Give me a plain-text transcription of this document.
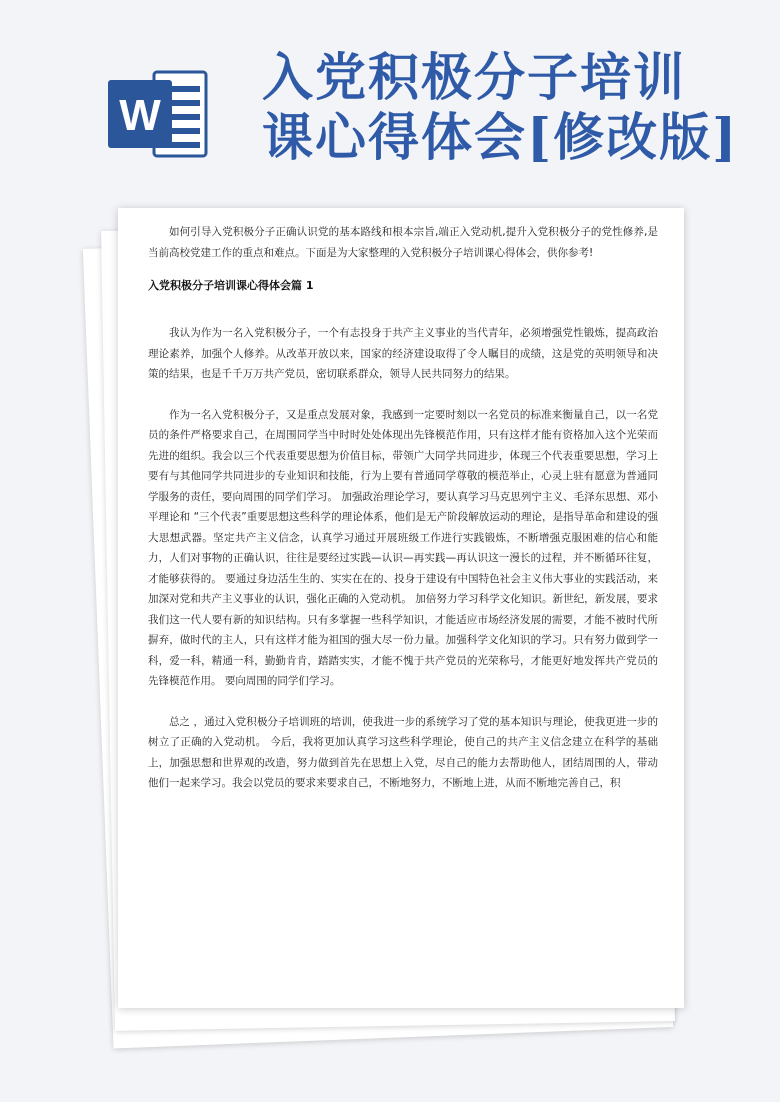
W
入党积极分子培训
课心得体会[修改版]

如何引导入党积极分子正确认识党的基本路线和根本宗旨,端正入党动机,提升入党积极分子的党性修养,是当前高校党建工作的重点和难点。下面是为大家整理的入党积极分子培训课心得体会，供你参考!

入党积极分子培训课心得体会篇 1

我认为作为一名入党积极分子，一个有志投身于共产主义事业的当代青年，必须增强党性锻炼，提高政治理论素养，加强个人修养。从改革开放以来，国家的经济建设取得了令人瞩目的成绩，这是党的英明领导和决策的结果，也是千千万万共产党员，密切联系群众，领导人民共同努力的结果。

作为一名入党积极分子，又是重点发展对象，我感到一定要时刻以一名党员的标准来衡量自己，以一名党员的条件严格要求自己，在周围同学当中时时处处体现出先锋模范作用，只有这样才能有资格加入这个光荣而先进的组织。我会以三个代表重要思想为价值目标，带领广大同学共同进步，体现三个代表重要思想，学习上要有与其他同学共同进步的专业知识和技能，行为上要有普通同学尊敬的模范举止，心灵上驻有愿意为普通同学服务的责任，要向周围的同学们学习。 加强政治理论学习，要认真学习马克思列宁主义、毛泽东思想、邓小平理论和 “三个代表”重要思想这些科学的理论体系，他们是无产阶段解放运动的理论，是指导革命和建设的强大思想武器。坚定共产主义信念，认真学习通过开展班级工作进行实践锻炼，不断增强克服困难的信心和能力，人们对事物的正确认识，往往是要经过实践—认识—再实践—再认识这一漫长的过程，并不断循环往复，才能够获得的。 要通过身边活生生的、实实在在的、投身于建设有中国特色社会主义伟大事业的实践活动，来加深对党和共产主义事业的认识，强化正确的入党动机。 加倍努力学习科学文化知识。新世纪，新发展，要求我们这一代人要有新的知识结构。只有多掌握一些科学知识，才能适应市场经济发展的需要，才能不被时代所摒弃，做时代的主人，只有这样才能为祖国的强大尽一份力量。加强科学文化知识的学习。只有努力做到学一科，爱一科，精通一科，勤勤肯肯，踏踏实实，才能不愧于共产党员的光荣称号，才能更好地发挥共产党员的先锋模范作用。 要向周围的同学们学习。

总之 ，通过入党积极分子培训班的培训，使我进一步的系统学习了党的基本知识与理论，使我更进一步的树立了正确的入党动机。 今后，我将更加认真学习这些科学理论，使自己的共产主义信念建立在科学的基础上，加强思想和世界观的改造，努力做到首先在思想上入党，尽自己的能力去帮助他人，团结周围的人，带动他们一起来学习。我会以党员的要求来要求自己，不断地努力，不断地上进，从而不断地完善自己，积
